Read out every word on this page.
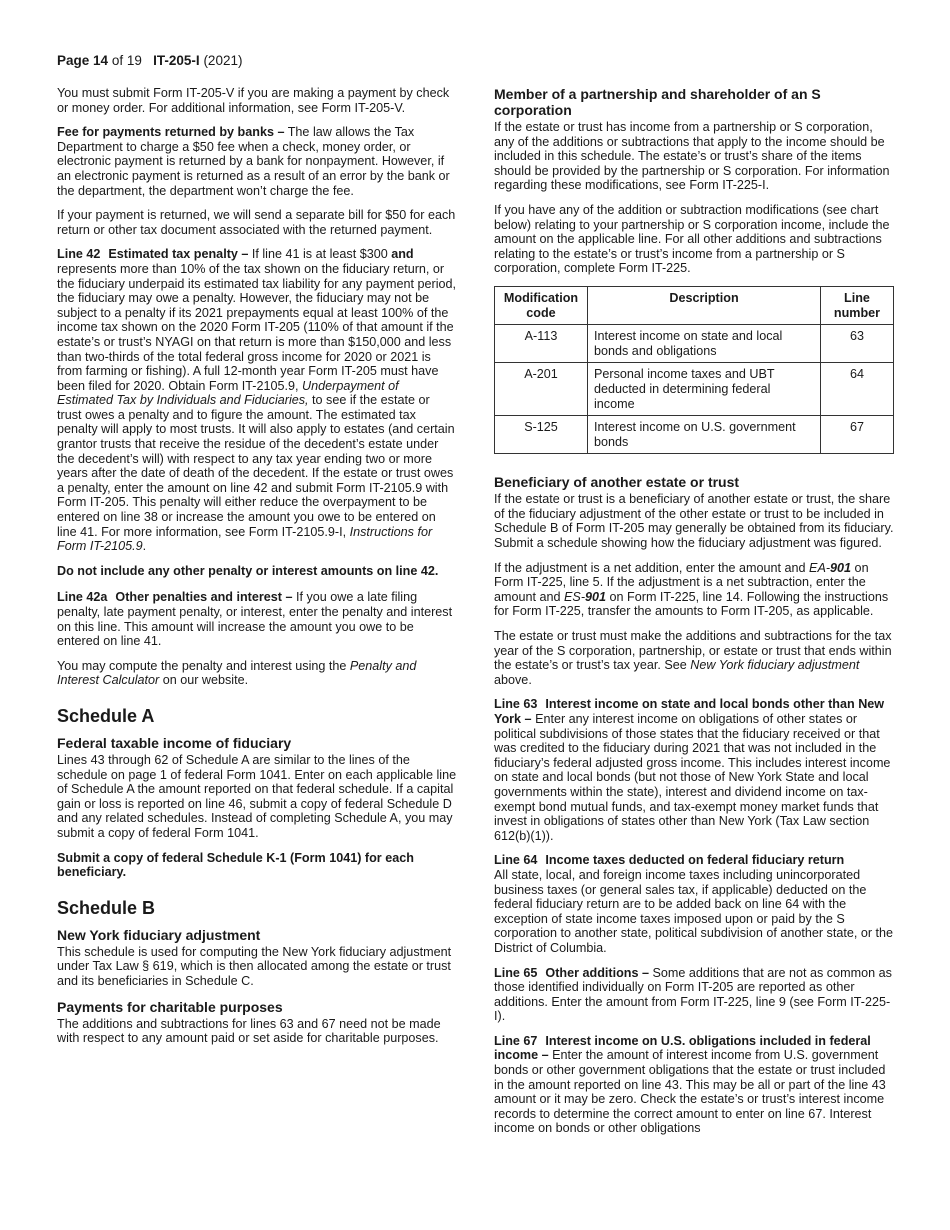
Page 14 of 19 IT-205-I (2021)

You must submit Form IT-205-V if you are making a payment by check or money order. For additional information, see Form IT-205-V.

Fee for payments returned by banks – The law allows the Tax Department to charge a $50 fee when a check, money order, or electronic payment is returned by a bank for nonpayment. However, if an electronic payment is returned as a result of an error by the bank or the department, the department won’t charge the fee.

If your payment is returned, we will send a separate bill for $50 for each return or other tax document associated with the returned payment.

Line 42 Estimated tax penalty – If line 41 is at least $300 and represents more than 10% of the tax shown on the fiduciary return, or the fiduciary underpaid its estimated tax liability for any payment period, the fiduciary may owe a penalty. However, the fiduciary may not be subject to a penalty if its 2021 prepayments equal at least 100% of the income tax shown on the 2020 Form IT-205 (110% of that amount if the estate’s or trust’s NYAGI on that return is more than $150,000 and less than two-thirds of the total federal gross income for 2020 or 2021 is from farming or fishing). A full 12-month year Form IT-205 must have been filed for 2020. Obtain Form IT-2105.9, Underpayment of Estimated Tax by Individuals and Fiduciaries, to see if the estate or trust owes a penalty and to figure the amount. The estimated tax penalty will apply to most trusts. It will also apply to estates (and certain grantor trusts that receive the residue of the decedent’s estate under the decedent’s will) with respect to any tax year ending two or more years after the date of death of the decedent. If the estate or trust owes a penalty, enter the amount on line 42 and submit Form IT-2105.9 with Form IT-205. This penalty will either reduce the overpayment to be entered on line 38 or increase the amount you owe to be entered on line 41. For more information, see Form IT-2105.9-I, Instructions for Form IT-2105.9.

Do not include any other penalty or interest amounts on line 42.

Line 42a Other penalties and interest – If you owe a late filing penalty, late payment penalty, or interest, enter the penalty and interest on this line. This amount will increase the amount you owe to be entered on line 41.

You may compute the penalty and interest using the Penalty and Interest Calculator on our website.

Schedule A
Federal taxable income of fiduciary

Lines 43 through 62 of Schedule A are similar to the lines of the schedule on page 1 of federal Form 1041. Enter on each applicable line of Schedule A the amount reported on that federal schedule. If a capital gain or loss is reported on line 46, submit a copy of federal Schedule D and any related schedules. Instead of completing Schedule A, you may submit a copy of federal Form 1041.

Submit a copy of federal Schedule K-1 (Form 1041) for each beneficiary.

Schedule B
New York fiduciary adjustment

This schedule is used for computing the New York fiduciary adjustment under Tax Law § 619, which is then allocated among the estate or trust and its beneficiaries in Schedule C.

Payments for charitable purposes

The additions and subtractions for lines 63 and 67 need not be made with respect to any amount paid or set aside for charitable purposes.

Member of a partnership and shareholder of an S corporation

If the estate or trust has income from a partnership or S corporation, any of the additions or subtractions that apply to the income should be included in this schedule. The estate’s or trust’s share of the items should be provided by the partnership or S corporation. For information regarding these modifications, see Form IT-225-I.

If you have any of the addition or subtraction modifications (see chart below) relating to your partnership or S corporation income, include the amount on the applicable line. For all other additions and subtractions relating to the estate’s or trust’s income from a partnership or S corporation, complete Form IT-225.

Modification code	Description	Line number
A-113	Interest income on state and local bonds and obligations	63
A-201	Personal income taxes and UBT deducted in determining federal income	64
S-125	Interest income on U.S. government bonds	67
Beneficiary of another estate or trust

If the estate or trust is a beneficiary of another estate or trust, the share of the fiduciary adjustment of the other estate or trust to be included in Schedule B of Form IT-205 may generally be obtained from its fiduciary. Submit a schedule showing how the fiduciary adjustment was figured.

If the adjustment is a net addition, enter the amount and EA-901 on Form IT-225, line 5. If the adjustment is a net subtraction, enter the amount and ES-901 on Form IT-225, line 14. Following the instructions for Form IT-225, transfer the amounts to Form IT-205, as applicable.

The estate or trust must make the additions and subtractions for the tax year of the S corporation, partnership, or estate or trust that ends within the estate’s or trust’s tax year. See New York fiduciary adjustment above.

Line 63 Interest income on state and local bonds other than New York – Enter any interest income on obligations of other states or political subdivisions of those states that the fiduciary received or that was credited to the fiduciary during 2021 that was not included in the fiduciary’s federal adjusted gross income. This includes interest income on state and local bonds (but not those of New York State and local governments within the state), interest and dividend income on tax-exempt bond mutual funds, and tax-exempt money market funds that invest in obligations of states other than New York (Tax Law section 612(b)(1)).

Line 64 Income taxes deducted on federal fiduciary return
All state, local, and foreign income taxes including unincorporated business taxes (or general sales tax, if applicable) deducted on the federal fiduciary return are to be added back on line 64 with the exception of state income taxes imposed upon or paid by the S corporation to another state, political subdivision of another state, or the District of Columbia.

Line 65 Other additions – Some additions that are not as common as those identified individually on Form IT-205 are reported as other additions. Enter the amount from Form IT-225, line 9 (see Form IT-225-I).

Line 67 Interest income on U.S. obligations included in federal income – Enter the amount of interest income from U.S. government bonds or other government obligations that the estate or trust included in the amount reported on line 43. This may be all or part of the line 43 amount or it may be zero. Check the estate’s or trust’s interest income records to determine the correct amount to enter on line 67. Interest income on bonds or other obligations
